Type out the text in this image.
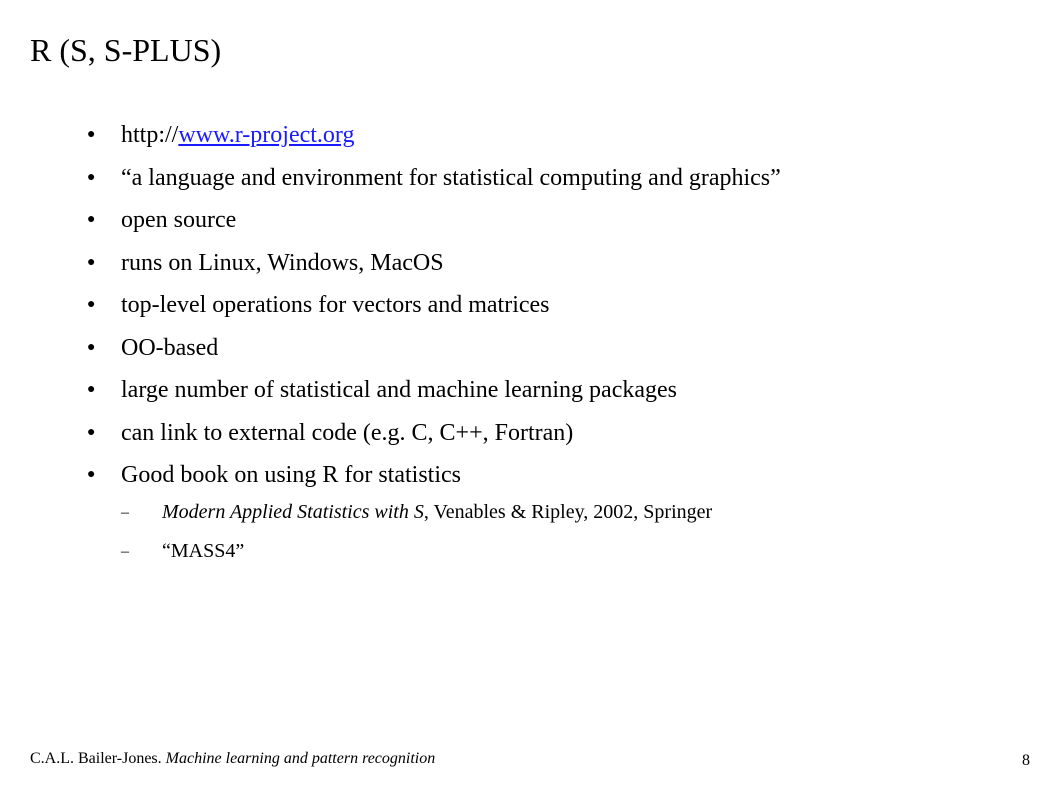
R (S, S-PLUS)
● http://www.r-project.org
● “a language and environment for statistical computing and graphics”
● open source
● runs on Linux, Windows, MacOS
● top-level operations for vectors and matrices
● OO-based
● large number of statistical and machine learning packages
● can link to external code (e.g. C, C++, Fortran)
● Good book on using R for statistics
– Modern Applied Statistics with S, Venables & Ripley, 2002, Springer
– “MASS4”
C.A.L. Bailer-Jones. Machine learning and pattern recognition	8
